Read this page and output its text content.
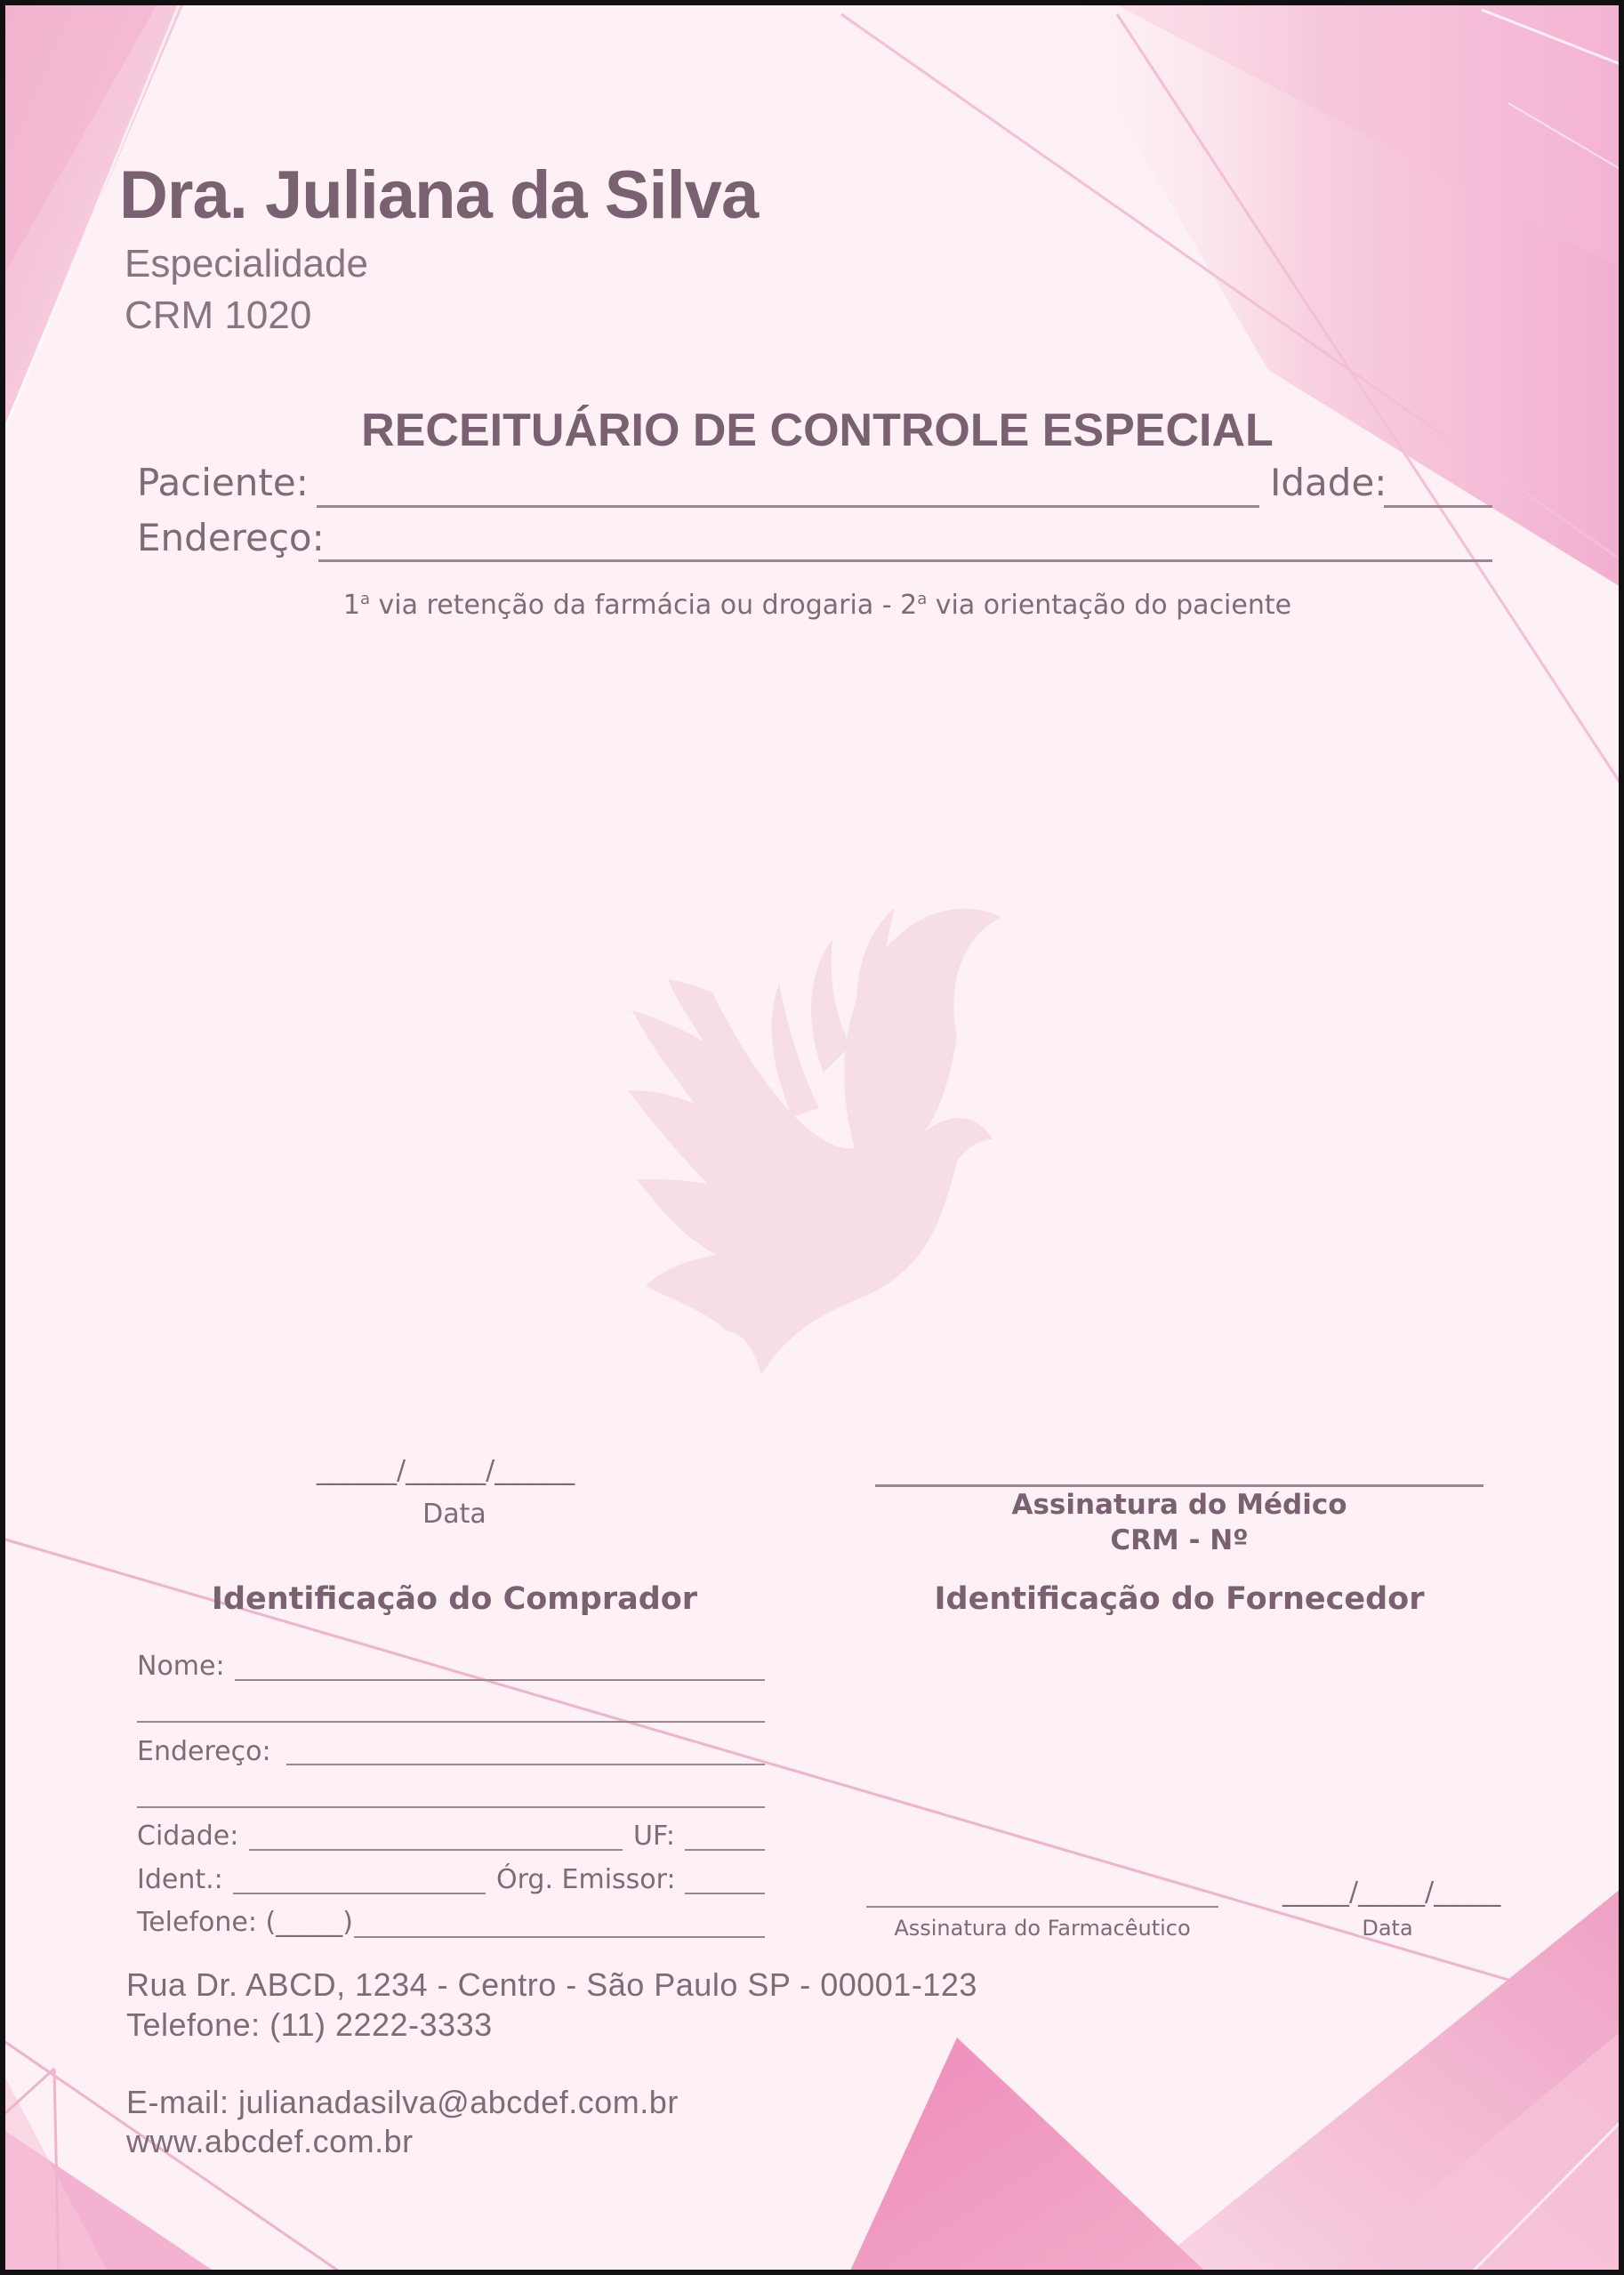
Dra. Juliana da Silva
Especialidade
CRM 1020
RECEITUÁRIO DE CONTROLE ESPECIAL
Paciente:	Idade:
Endereço:
1$^a$ via retenção da farmácia ou drogaria - 2$^a$ via orientação do paciente
______/______/______
Data	Assinatura do Médico
CRM - Nº
Identificação do Comprador	Identificação do Fornecedor
Nome:
Endereço:
Cidade:	UF:
Ident.:	Órg. Emissor:
Telefone: (_____)	Assinatura do Farmacêutico
_____/_____/_____
Data
Rua Dr. ABCD, 1234 - Centro - São Paulo SP - 00001-123
Telefone: (11) 2222-3333
E-mail: julianadasilva@abcdef.com.br
www.abcdef.com.br
